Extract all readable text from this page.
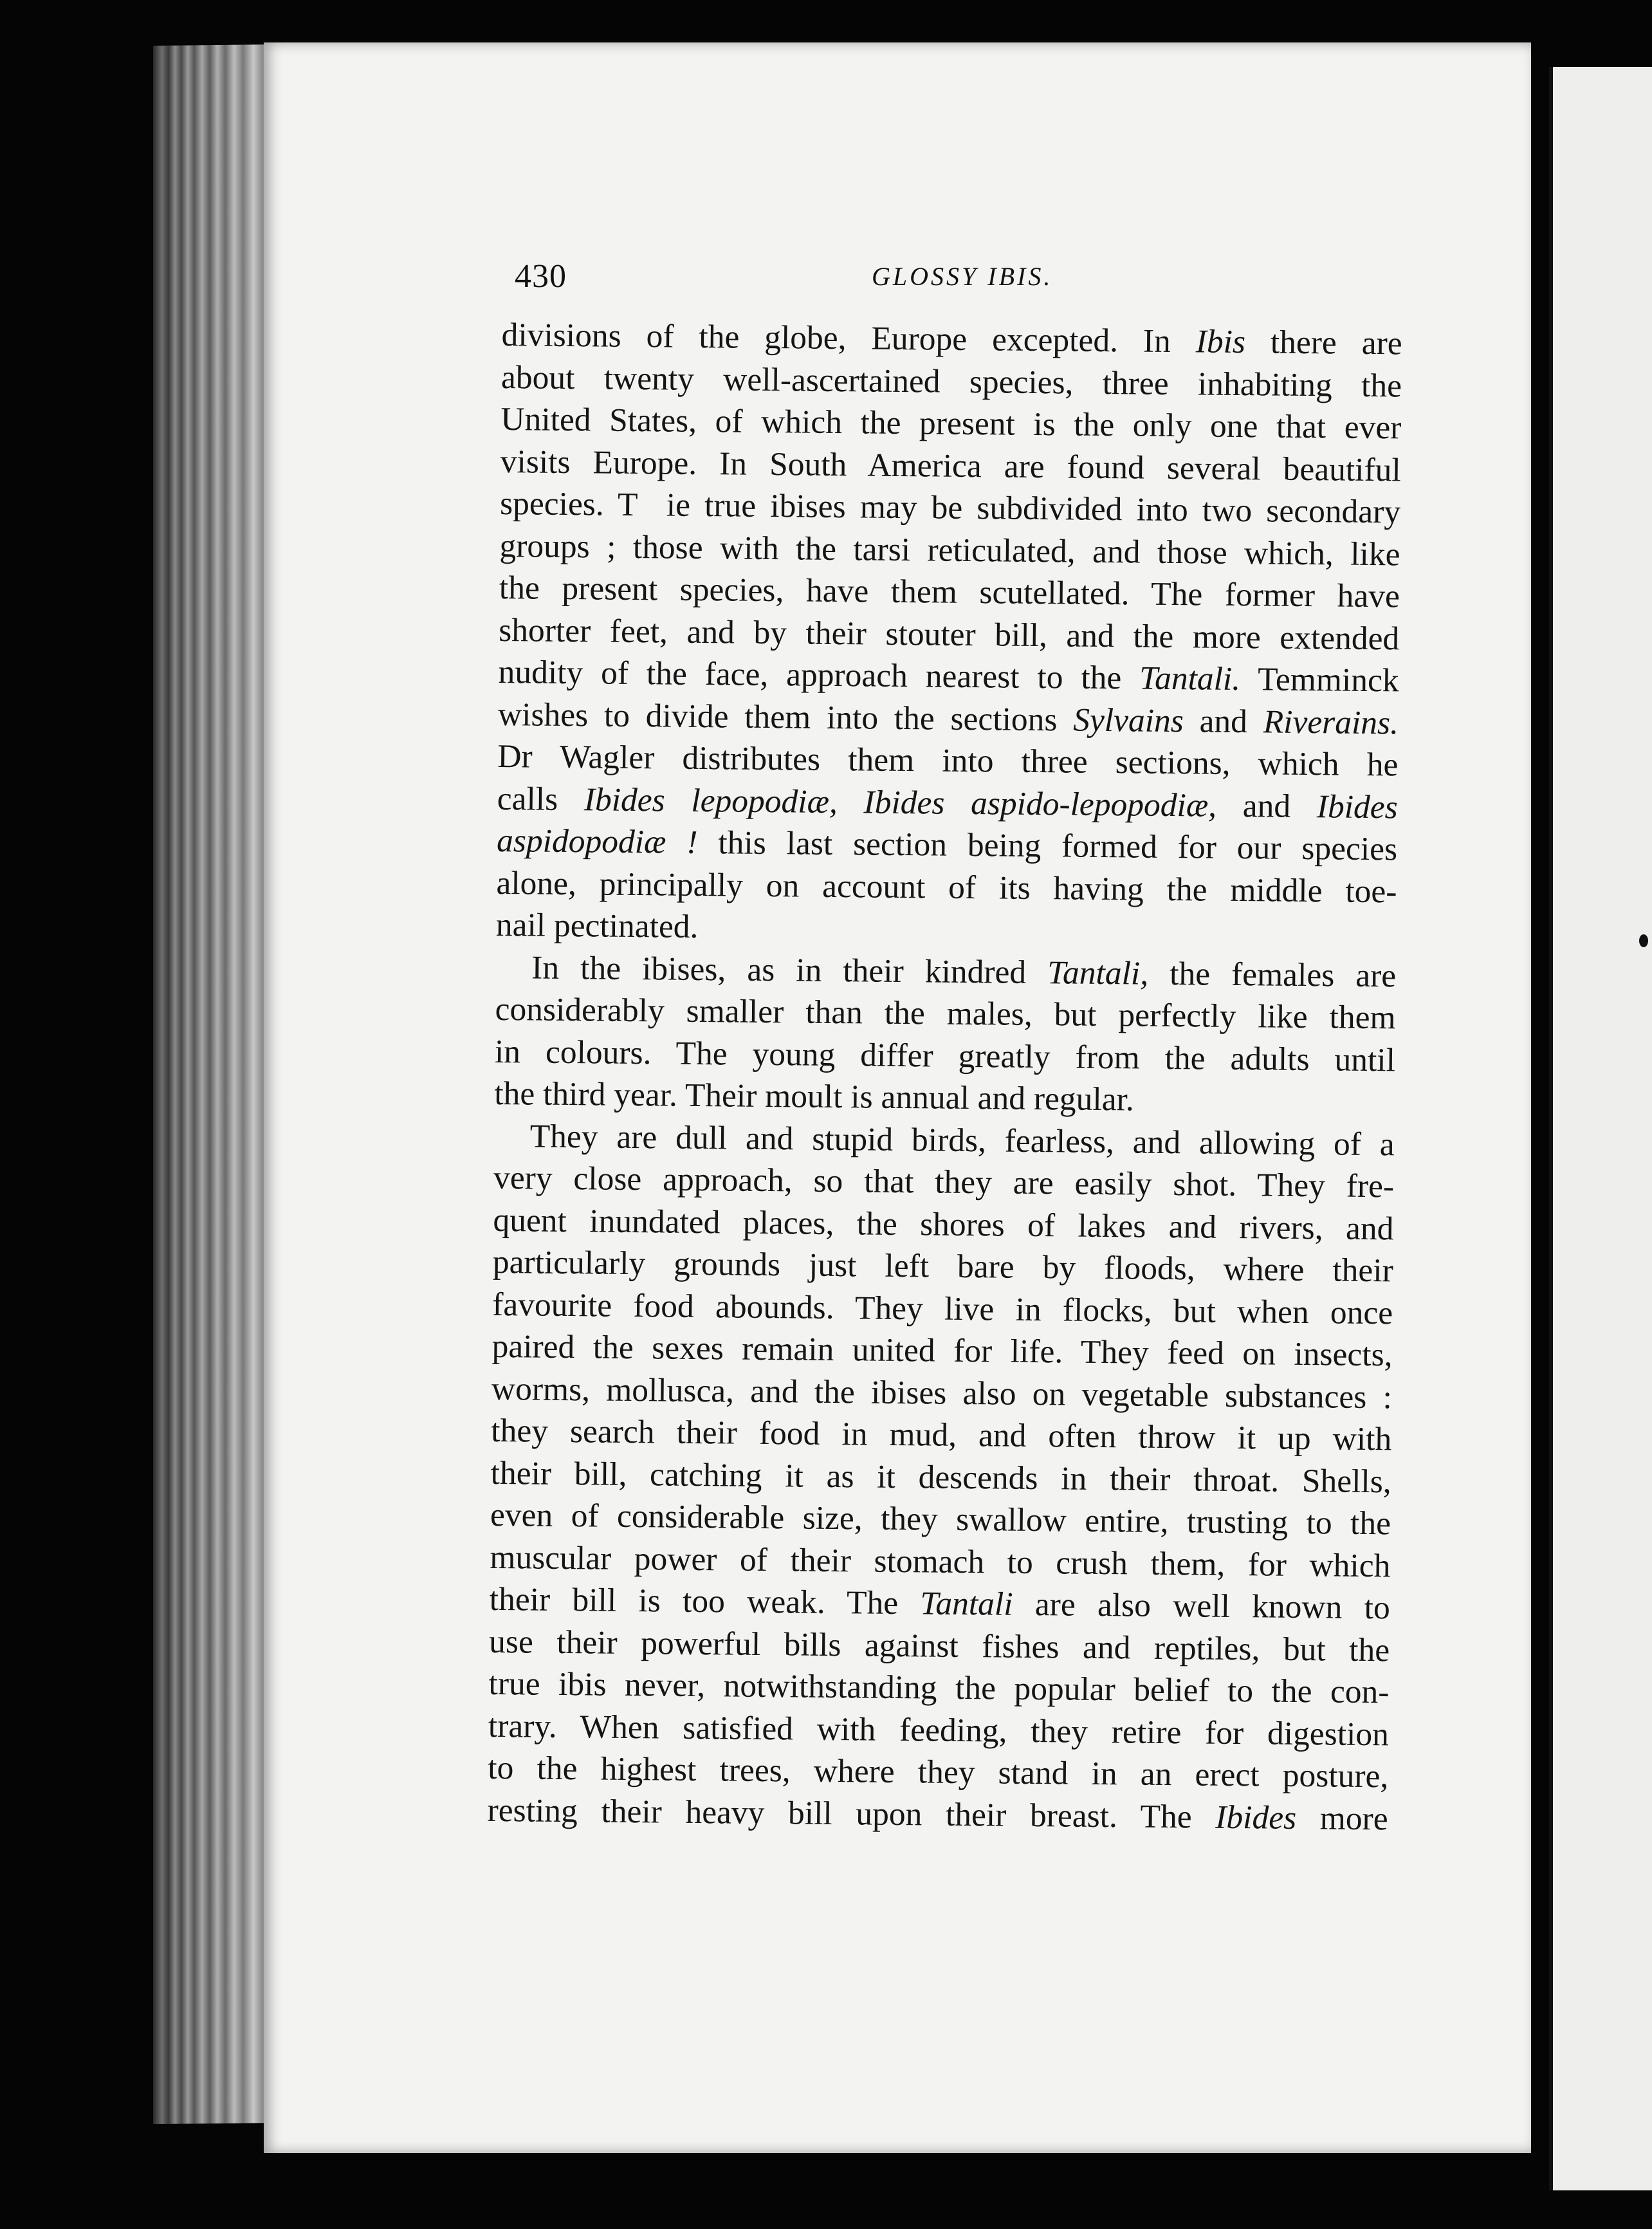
430	GLOSSY IBIS.
divisions of the globe, Europe excepted. In Ibis there are
about twenty well-ascertained species, three inhabiting the
United States, of which the present is the only one that ever
visits Europe. In South America are found several beautiful
species. T  ie true ibises may be subdivided into two secondary
groups ; those with the tarsi reticulated, and those which, like
the present species, have them scutellated. The former have
shorter feet, and by their stouter bill, and the more extended
nudity of the face, approach nearest to the Tantali. Temminck
wishes to divide them into the sections Sylvains and Riverains.
Dr Wagler distributes them into three sections, which he
calls Ibides lepopodiæ, Ibides aspido-lepopodiæ, and Ibides
aspidopodiæ ! this last section being formed for our species
alone, principally on account of its having the middle toe-
nail pectinated.
In the ibises, as in their kindred Tantali, the females are
considerably smaller than the males, but perfectly like them
in colours. The young differ greatly from the adults until
the third year. Their moult is annual and regular.
They are dull and stupid birds, fearless, and allowing of a
very close approach, so that they are easily shot. They fre-
quent inundated places, the shores of lakes and rivers, and
particularly grounds just left bare by floods, where their
favourite food abounds. They live in flocks, but when once
paired the sexes remain united for life. They feed on insects,
worms, mollusca, and the ibises also on vegetable substances :
they search their food in mud, and often throw it up with
their bill, catching it as it descends in their throat. Shells,
even of considerable size, they swallow entire, trusting to the
muscular power of their stomach to crush them, for which
their bill is too weak. The Tantali are also well known to
use their powerful bills against fishes and reptiles, but the
true ibis never, notwithstanding the popular belief to the con-
trary. When satisfied with feeding, they retire for digestion
to the highest trees, where they stand in an erect posture,
resting their heavy bill upon their breast. The Ibides more
